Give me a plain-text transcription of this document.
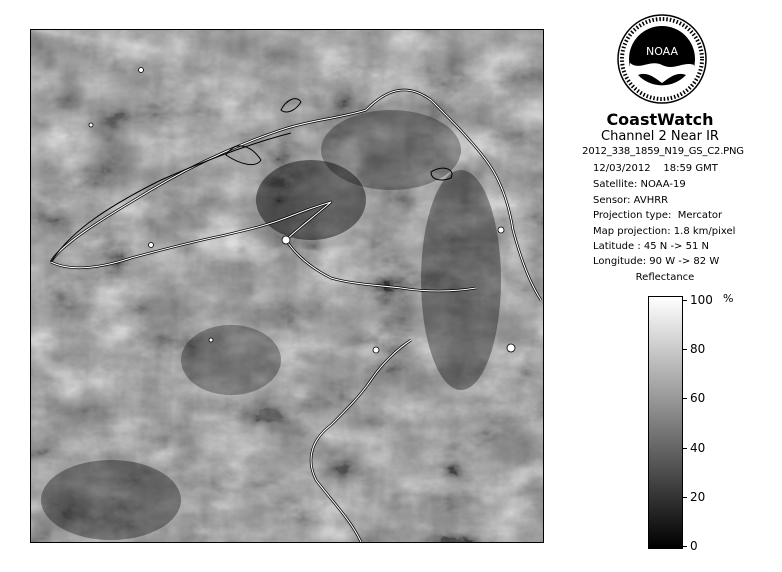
NOAA
CoastWatch
Channel 2 Near IR
2012_338_1859_N19_GS_C2.PNG
12/03/2012    18:59 GMT
Satellite: NOAA-19
Sensor: AVHRR
Projection type:  Mercator
Map projection: 1.8 km/pixel
Latitude : 45 N -> 51 N
Longitude: 90 W -> 82 W
Reflectance
%
100
80
60
40
20
0
